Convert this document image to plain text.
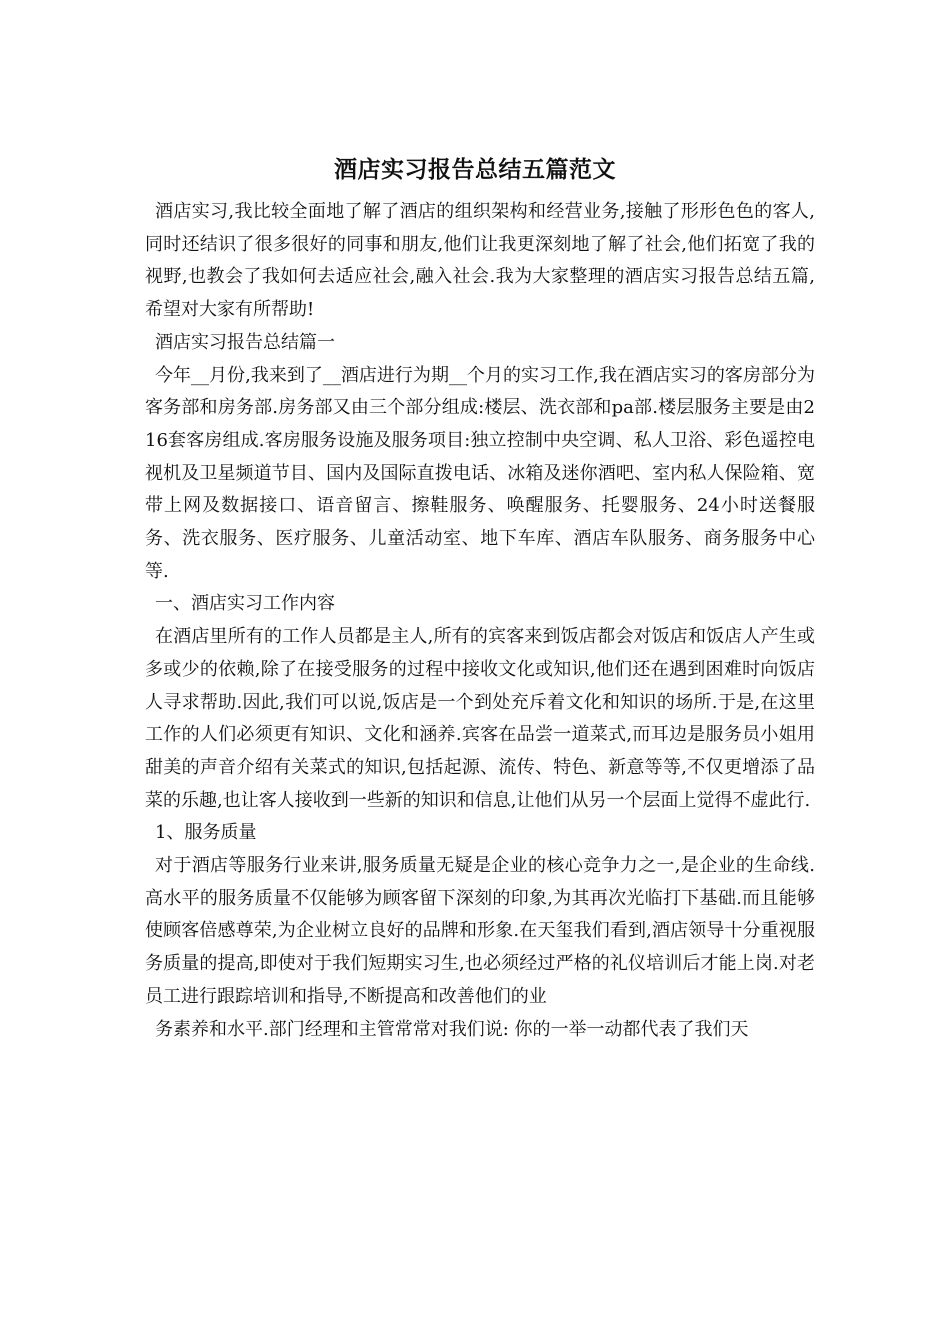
酒店实习报告总结五篇范文

酒店实习,我比较全面地了解了酒店的组织架构和经营业务,接触了形形色色的客人,同时还结识了很多很好的同事和朋友,他们让我更深刻地了解了社会,他们拓宽了我的视野,也教会了我如何去适应社会,融入社会.我为大家整理的酒店实习报告总结五篇,希望对大家有所帮助!

酒店实习报告总结篇一

今年__月份,我来到了__酒店进行为期__个月的实习工作,我在酒店实习的客房部分为客务部和房务部.房务部又由三个部分组成:楼层、洗衣部和pa部.楼层服务主要是由216套客房组成.客房服务设施及服务项目:独立控制中央空调、私人卫浴、彩色遥控电视机及卫星频道节目、国内及国际直拨电话、冰箱及迷你酒吧、室内私人保险箱、宽带上网及数据接口、语音留言、擦鞋服务、唤醒服务、托婴服务、24小时送餐服务、洗衣服务、医疗服务、儿童活动室、地下车库、酒店车队服务、商务服务中心等.

一、酒店实习工作内容

在酒店里所有的工作人员都是主人,所有的宾客来到饭店都会对饭店和饭店人产生或多或少的依赖,除了在接受服务的过程中接收文化或知识,他们还在遇到困难时向饭店人寻求帮助.因此,我们可以说,饭店是一个到处充斥着文化和知识的场所.于是,在这里工作的人们必须更有知识、文化和涵养.宾客在品尝一道菜式,而耳边是服务员小姐用甜美的声音介绍有关菜式的知识,包括起源、流传、特色、新意等等,不仅更增添了品菜的乐趣,也让客人接收到一些新的知识和信息,让他们从另一个层面上觉得不虚此行.

1、服务质量

对于酒店等服务行业来讲,服务质量无疑是企业的核心竞争力之一,是企业的生命线.高水平的服务质量不仅能够为顾客留下深刻的印象,为其再次光临打下基础.而且能够使顾客倍感尊荣,为企业树立良好的品牌和形象.在天玺我们看到,酒店领导十分重视服务质量的提高,即使对于我们短期实习生,也必须经过严格的礼仪培训后才能上岗.对老员工进行跟踪培训和指导,不断提高和改善他们的业

务素养和水平.部门经理和主管常常对我们说: 你的一举一动都代表了我们天
